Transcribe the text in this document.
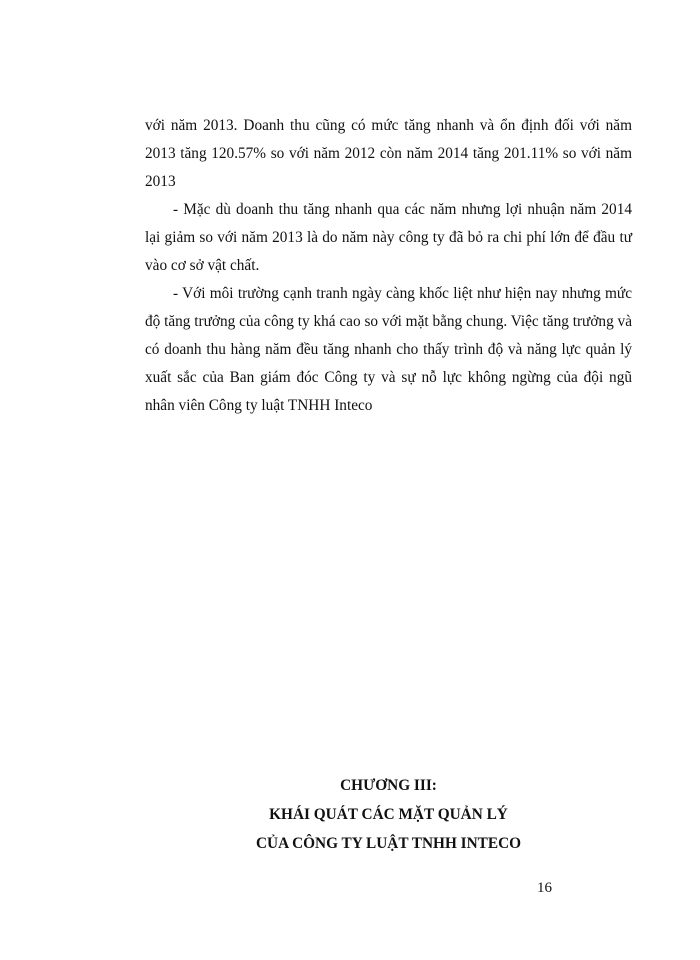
với năm 2013. Doanh thu cũng có mức tăng nhanh và ổn định đối với năm 2013 tăng 120.57% so với năm 2012 còn năm 2014 tăng 201.11% so với năm 2013

- Mặc dù doanh thu tăng nhanh qua các năm nhưng lợi nhuận năm 2014 lại giảm so với năm 2013 là do năm này công ty đã bỏ ra chi phí lớn để đầu tư vào cơ sở vật chất.

- Với môi trường cạnh tranh ngày càng khốc liệt như hiện nay nhưng mức độ tăng trưởng của công ty khá cao so với mặt bằng chung. Việc tăng trưởng và có doanh thu hàng năm đều tăng nhanh cho thấy trình độ và năng lực quản lý xuất sắc của Ban giám đóc Công ty và sự nỗ lực không ngừng của đội ngũ nhân viên Công ty luật TNHH Inteco

CHƯƠNG III:
KHÁI QUÁT CÁC MẶT QUẢN LÝ
CỦA CÔNG TY LUẬT TNHH INTECO
16
